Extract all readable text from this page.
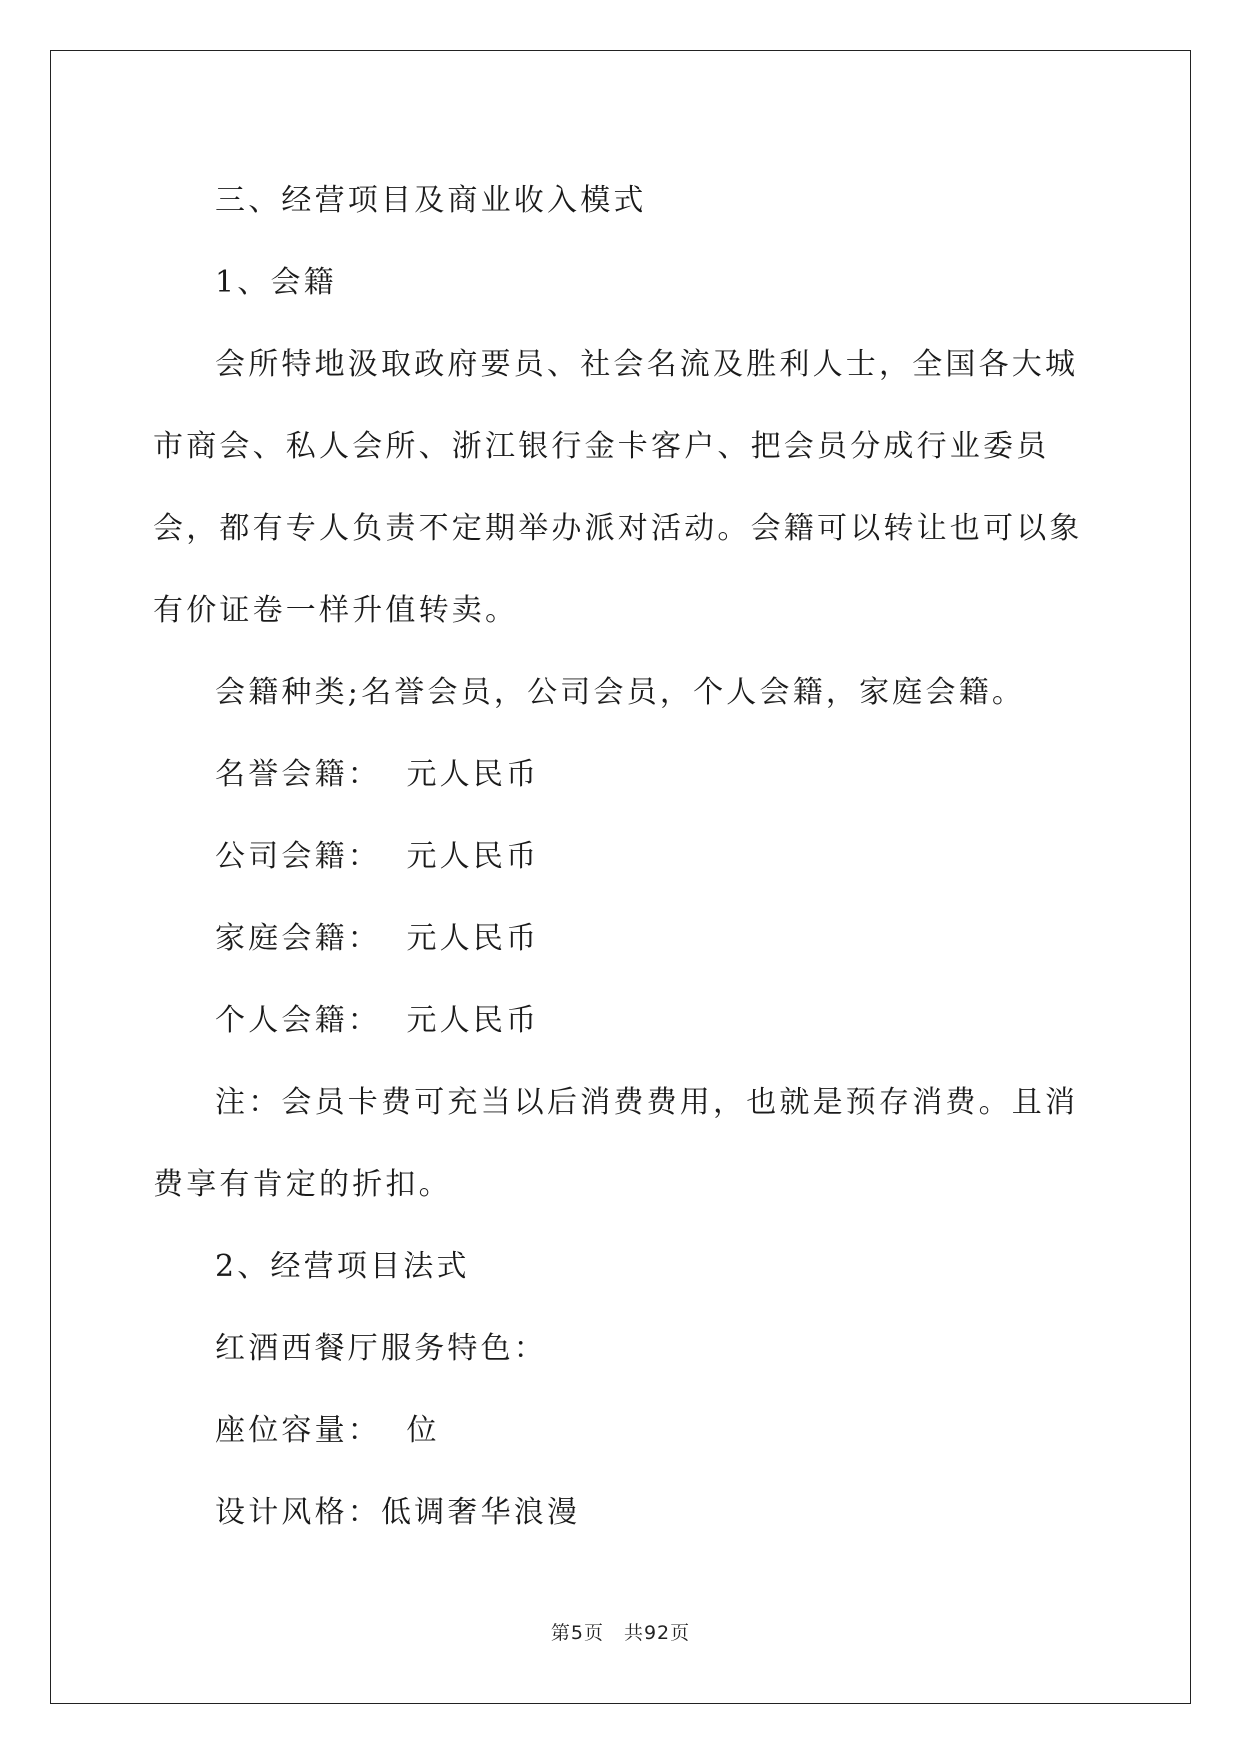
三、经营项目及商业收入模式

1、会籍

会所特地汲取政府要员、社会名流及胜利人士，全国各大城市商会、私人会所、浙江银行金卡客户、把会员分成行业委员会，都有专人负责不定期举办派对活动。会籍可以转让也可以象有价证卷一样升值转卖。

会籍种类;名誉会员，公司会员，个人会籍，家庭会籍。

名誉会籍：  元人民币

公司会籍：  元人民币

家庭会籍：  元人民币

个人会籍：  元人民币

注：会员卡费可充当以后消费费用，也就是预存消费。且消费享有肯定的折扣。

2、经营项目法式

红酒西餐厅服务特色：

座位容量：  位

设计风格：低调奢华浪漫

第5页 共92页
